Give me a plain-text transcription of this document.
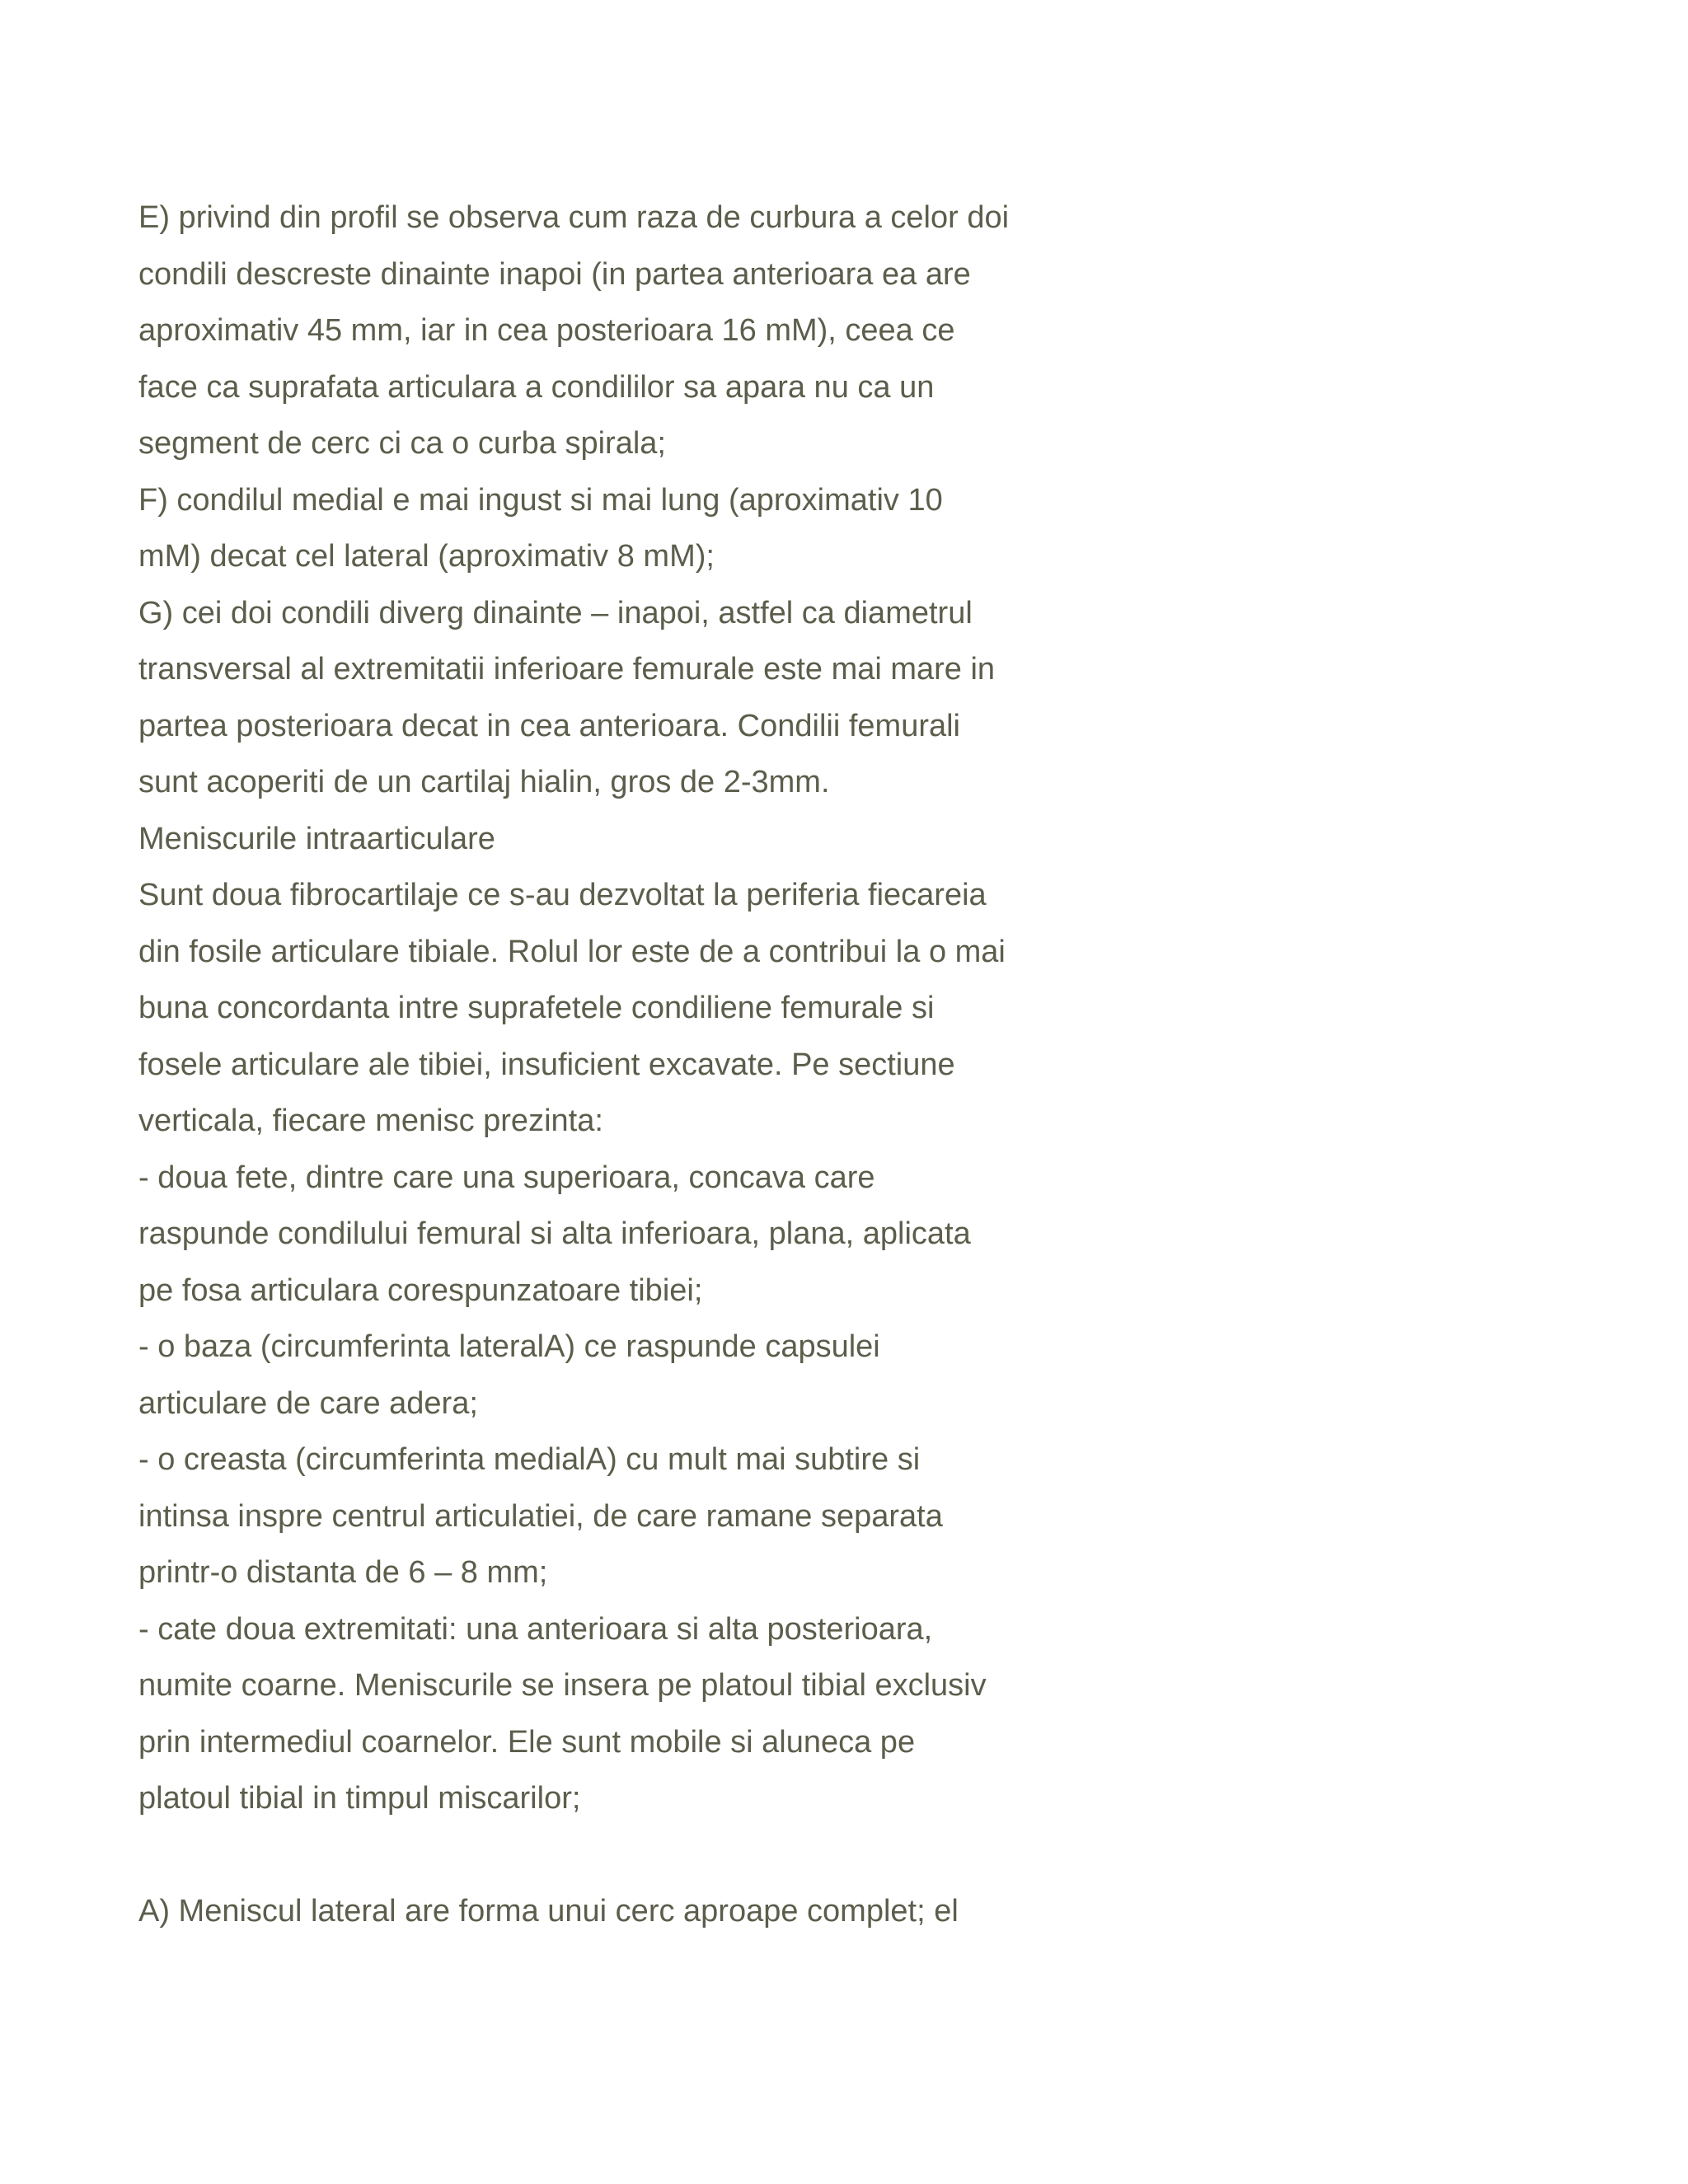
E) privind din profil se observa cum raza de curbura a celor doi
condili descreste dinainte inapoi (in partea anterioara ea are
aproximativ 45 mm, iar in cea posterioara 16 mM), ceea ce
face ca suprafata articulara a condililor sa apara nu ca un
segment de cerc ci ca o curba spirala;
F) condilul medial e mai ingust si mai lung (aproximativ 10
mM) decat cel lateral (aproximativ 8 mM);
G) cei doi condili diverg dinainte – inapoi, astfel ca diametrul
transversal al extremitatii inferioare femurale este mai mare in
partea posterioara decat in cea anterioara. Condilii femurali
sunt acoperiti de un cartilaj hialin, gros de 2-3mm.
Meniscurile intraarticulare
Sunt doua fibrocartilaje ce s-au dezvoltat la periferia fiecareia
din fosile articulare tibiale. Rolul lor este de a contribui la o mai
buna concordanta intre suprafetele condiliene femurale si
fosele articulare ale tibiei, insuficient excavate. Pe sectiune
verticala, fiecare menisc prezinta:
- doua fete, dintre care una superioara, concava care
raspunde condilului femural si alta inferioara, plana, aplicata
pe fosa articulara corespunzatoare tibiei;
- o baza (circumferinta lateralA) ce raspunde capsulei
articulare de care adera;
- o creasta (circumferinta medialA) cu mult mai subtire si
intinsa inspre centrul articulatiei, de care ramane separata
printr-o distanta de 6 – 8 mm;
- cate doua extremitati: una anterioara si alta posterioara,
numite coarne. Meniscurile se insera pe platoul tibial exclusiv
prin intermediul coarnelor. Ele sunt mobile si aluneca pe
platoul tibial in timpul miscarilor;
A) Meniscul lateral are forma unui cerc aproape complet; el
